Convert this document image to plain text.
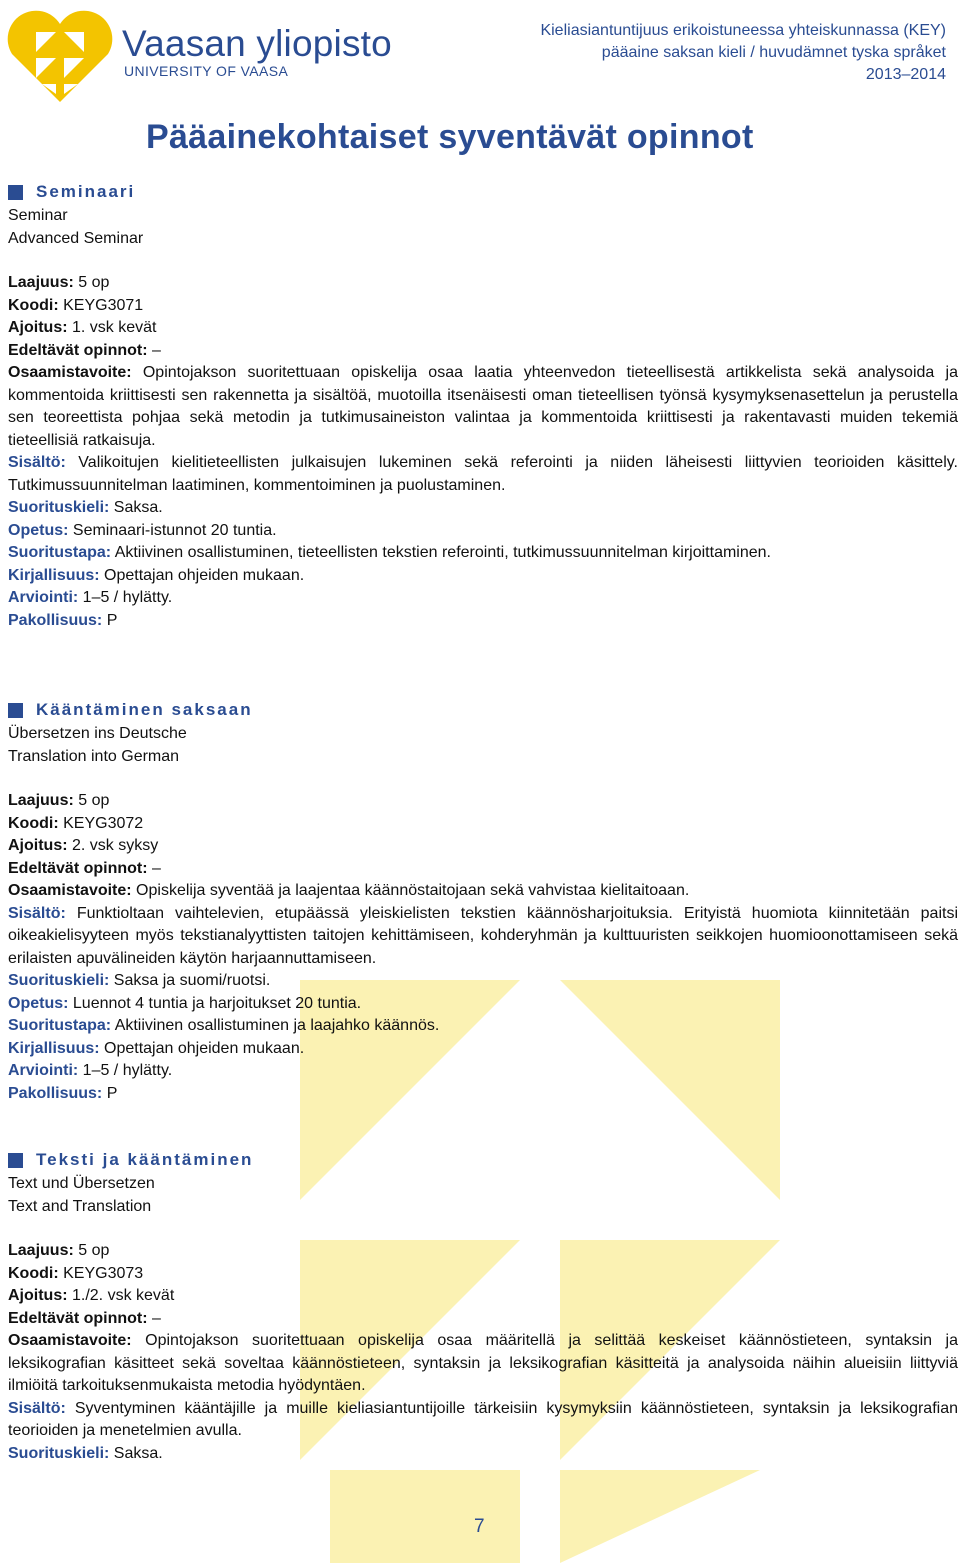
Vaasan yliopisto
UNIVERSITY OF VAASA
Kieliasiantuntijuus erikoistuneessa yhteiskunnassa (KEY)
pääaine saksan kieli / huvudämnet tyska språket
2013–2014
Pääainekohtaiset syventävät opinnot
Seminaari
Seminar
Advanced Seminar
Laajuus: 5 op
Koodi: KEYG3071
Ajoitus: 1. vsk kevät
Edeltävät opinnot: –
Osaamistavoite: Opintojakson suoritettuaan opiskelija osaa laatia yhteenvedon tieteellisestä artikkelista sekä analysoida ja kommentoida kriittisesti sen rakennetta ja sisältöä, muotoilla itsenäisesti oman tieteellisen työnsä kysymyksenasettelun ja perustella sen teoreettista pohjaa sekä metodin ja tutkimusaineiston valintaa ja kommentoida kriittisesti ja rakentavasti muiden tekemiä tieteellisiä ratkaisuja.
Sisältö: Valikoitujen kielitieteellisten julkaisujen lukeminen sekä referointi ja niiden läheisesti liittyvien teorioiden käsittely. Tutkimussuunnitelman laatiminen, kommentoiminen ja puolustaminen.
Suorituskieli: Saksa.
Opetus: Seminaari-istunnot 20 tuntia.
Suoritustapa: Aktiivinen osallistuminen, tieteellisten tekstien referointi, tutkimussuunnitelman kirjoittaminen.
Kirjallisuus: Opettajan ohjeiden mukaan.
Arviointi: 1–5 / hylätty.
Pakollisuus: P
Kääntäminen saksaan
Übersetzen ins Deutsche
Translation into German
Laajuus: 5 op
Koodi: KEYG3072
Ajoitus: 2. vsk syksy
Edeltävät opinnot: –
Osaamistavoite: Opiskelija syventää ja laajentaa käännöstaitojaan sekä vahvistaa kielitaitoaan.
Sisältö: Funktioltaan vaihtelevien, etupäässä yleiskielisten tekstien käännösharjoituksia. Erityistä huomiota kiinnitetään paitsi oikeakielisyyteen myös tekstianalyyttisten taitojen kehittämiseen, kohderyhmän ja kulttuuristen seikkojen huomioonottamiseen sekä erilaisten apuvälineiden käytön harjaannuttamiseen.
Suorituskieli: Saksa ja suomi/ruotsi.
Opetus: Luennot 4 tuntia ja harjoitukset 20 tuntia.
Suoritustapa: Aktiivinen osallistuminen ja laajahko käännös.
Kirjallisuus: Opettajan ohjeiden mukaan.
Arviointi: 1–5 / hylätty.
Pakollisuus: P
Teksti ja kääntäminen
Text und Übersetzen
Text and Translation
Laajuus: 5 op
Koodi: KEYG3073
Ajoitus: 1./2. vsk kevät
Edeltävät opinnot: –
Osaamistavoite: Opintojakson suoritettuaan opiskelija osaa määritellä ja selittää keskeiset käännöstieteen, syntaksin ja leksikografian käsitteet sekä soveltaa käännöstieteen, syntaksin ja leksikografian käsitteitä ja analysoida näihin alueisiin liittyviä ilmiöitä tarkoituksenmukaista metodia hyödyntäen.
Sisältö: Syventyminen kääntäjille ja muille kieliasiantuntijoille tärkeisiin kysymyksiin käännöstieteen, syntaksin ja leksikografian teorioiden ja menetelmien avulla.
Suorituskieli: Saksa.
7
